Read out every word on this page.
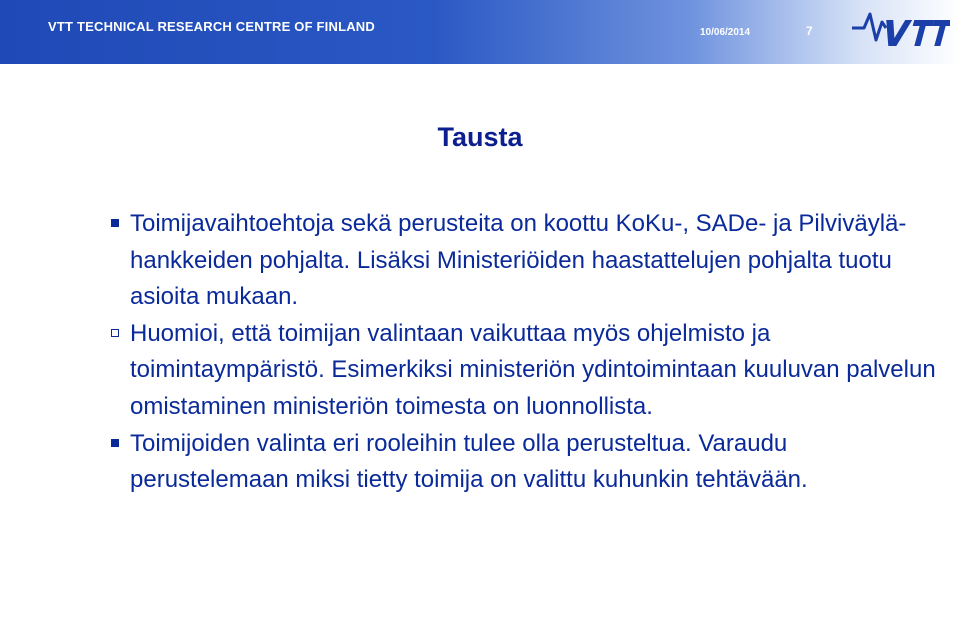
VTT TECHNICAL RESEARCH CENTRE OF FINLAND	10/06/2014	7
Tausta
Toimijavaihtoehtoja sekä perusteita on koottu KoKu-, SADe- ja Pilviväylä-hankkeiden pohjalta. Lisäksi Ministeriöiden haastattelujen pohjalta tuotu asioita mukaan.
Huomioi, että toimijan valintaan vaikuttaa myös ohjelmisto ja toimintaympäristö. Esimerkiksi ministeriön ydintoimintaan kuuluvan palvelun omistaminen ministeriön toimesta on luonnollista.
Toimijoiden valinta eri rooleihin tulee olla perusteltua. Varaudu perustelemaan miksi tietty toimija on valittu kuhunkin tehtävään.
